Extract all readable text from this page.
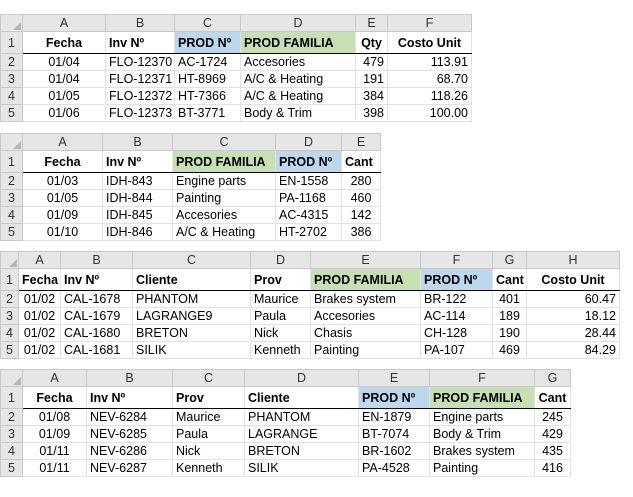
	A	B	C	D	E	F
1	Fecha	Inv Nº	PROD Nº	PROD FAMILIA	Qty	Costo Unit
2	01/04	FLO-12370	AC-1724	Accesories	479	113.91
3	01/04	FLO-12371	HT-8969	A/C & Heating	191	68.70
4	01/05	FLO-12372	HT-7366	A/C & Heating	384	118.26
5	01/06	FLO-12373	BT-3771	Body & Trim	398	100.00
	A	B	C	D	E
1	Fecha	Inv Nº	PROD FAMILIA	PROD Nº	Cant
2	01/03	IDH-843	Engine parts	EN-1558	280
3	01/05	IDH-844	Painting	PA-1168	460
4	01/09	IDH-845	Accesories	AC-4315	142
5	01/10	IDH-846	A/C & Heating	HT-2702	386
	A	B	C	D	E	F	G	H
1	Fecha	Inv Nº	Cliente	Prov	PROD FAMILIA	PROD Nº	Cant	Costo Unit
2	01/02	CAL-1678	PHANTOM	Maurice	Brakes system	BR-122	401	60.47
3	01/02	CAL-1679	LAGRANGE9	Paula	Accesories	AC-114	189	18.12
4	01/02	CAL-1680	BRETON	Nick	Chasis	CH-128	190	28.44
5	01/02	CAL-1681	SILIK	Kenneth	Painting	PA-107	469	84.29
	A	B	C	D	E	F	G
1	Fecha	Inv Nº	Prov	Cliente	PROD Nº	PROD FAMILIA	Cant
2	01/08	NEV-6284	Maurice	PHANTOM	EN-1879	Engine parts	245
3	01/09	NEV-6285	Paula	LAGRANGE	BT-7074	Body & Trim	429
4	01/11	NEV-6286	Nick	BRETON	BR-1602	Brakes system	435
5	01/11	NEV-6287	Kenneth	SILIK	PA-4528	Painting	416
